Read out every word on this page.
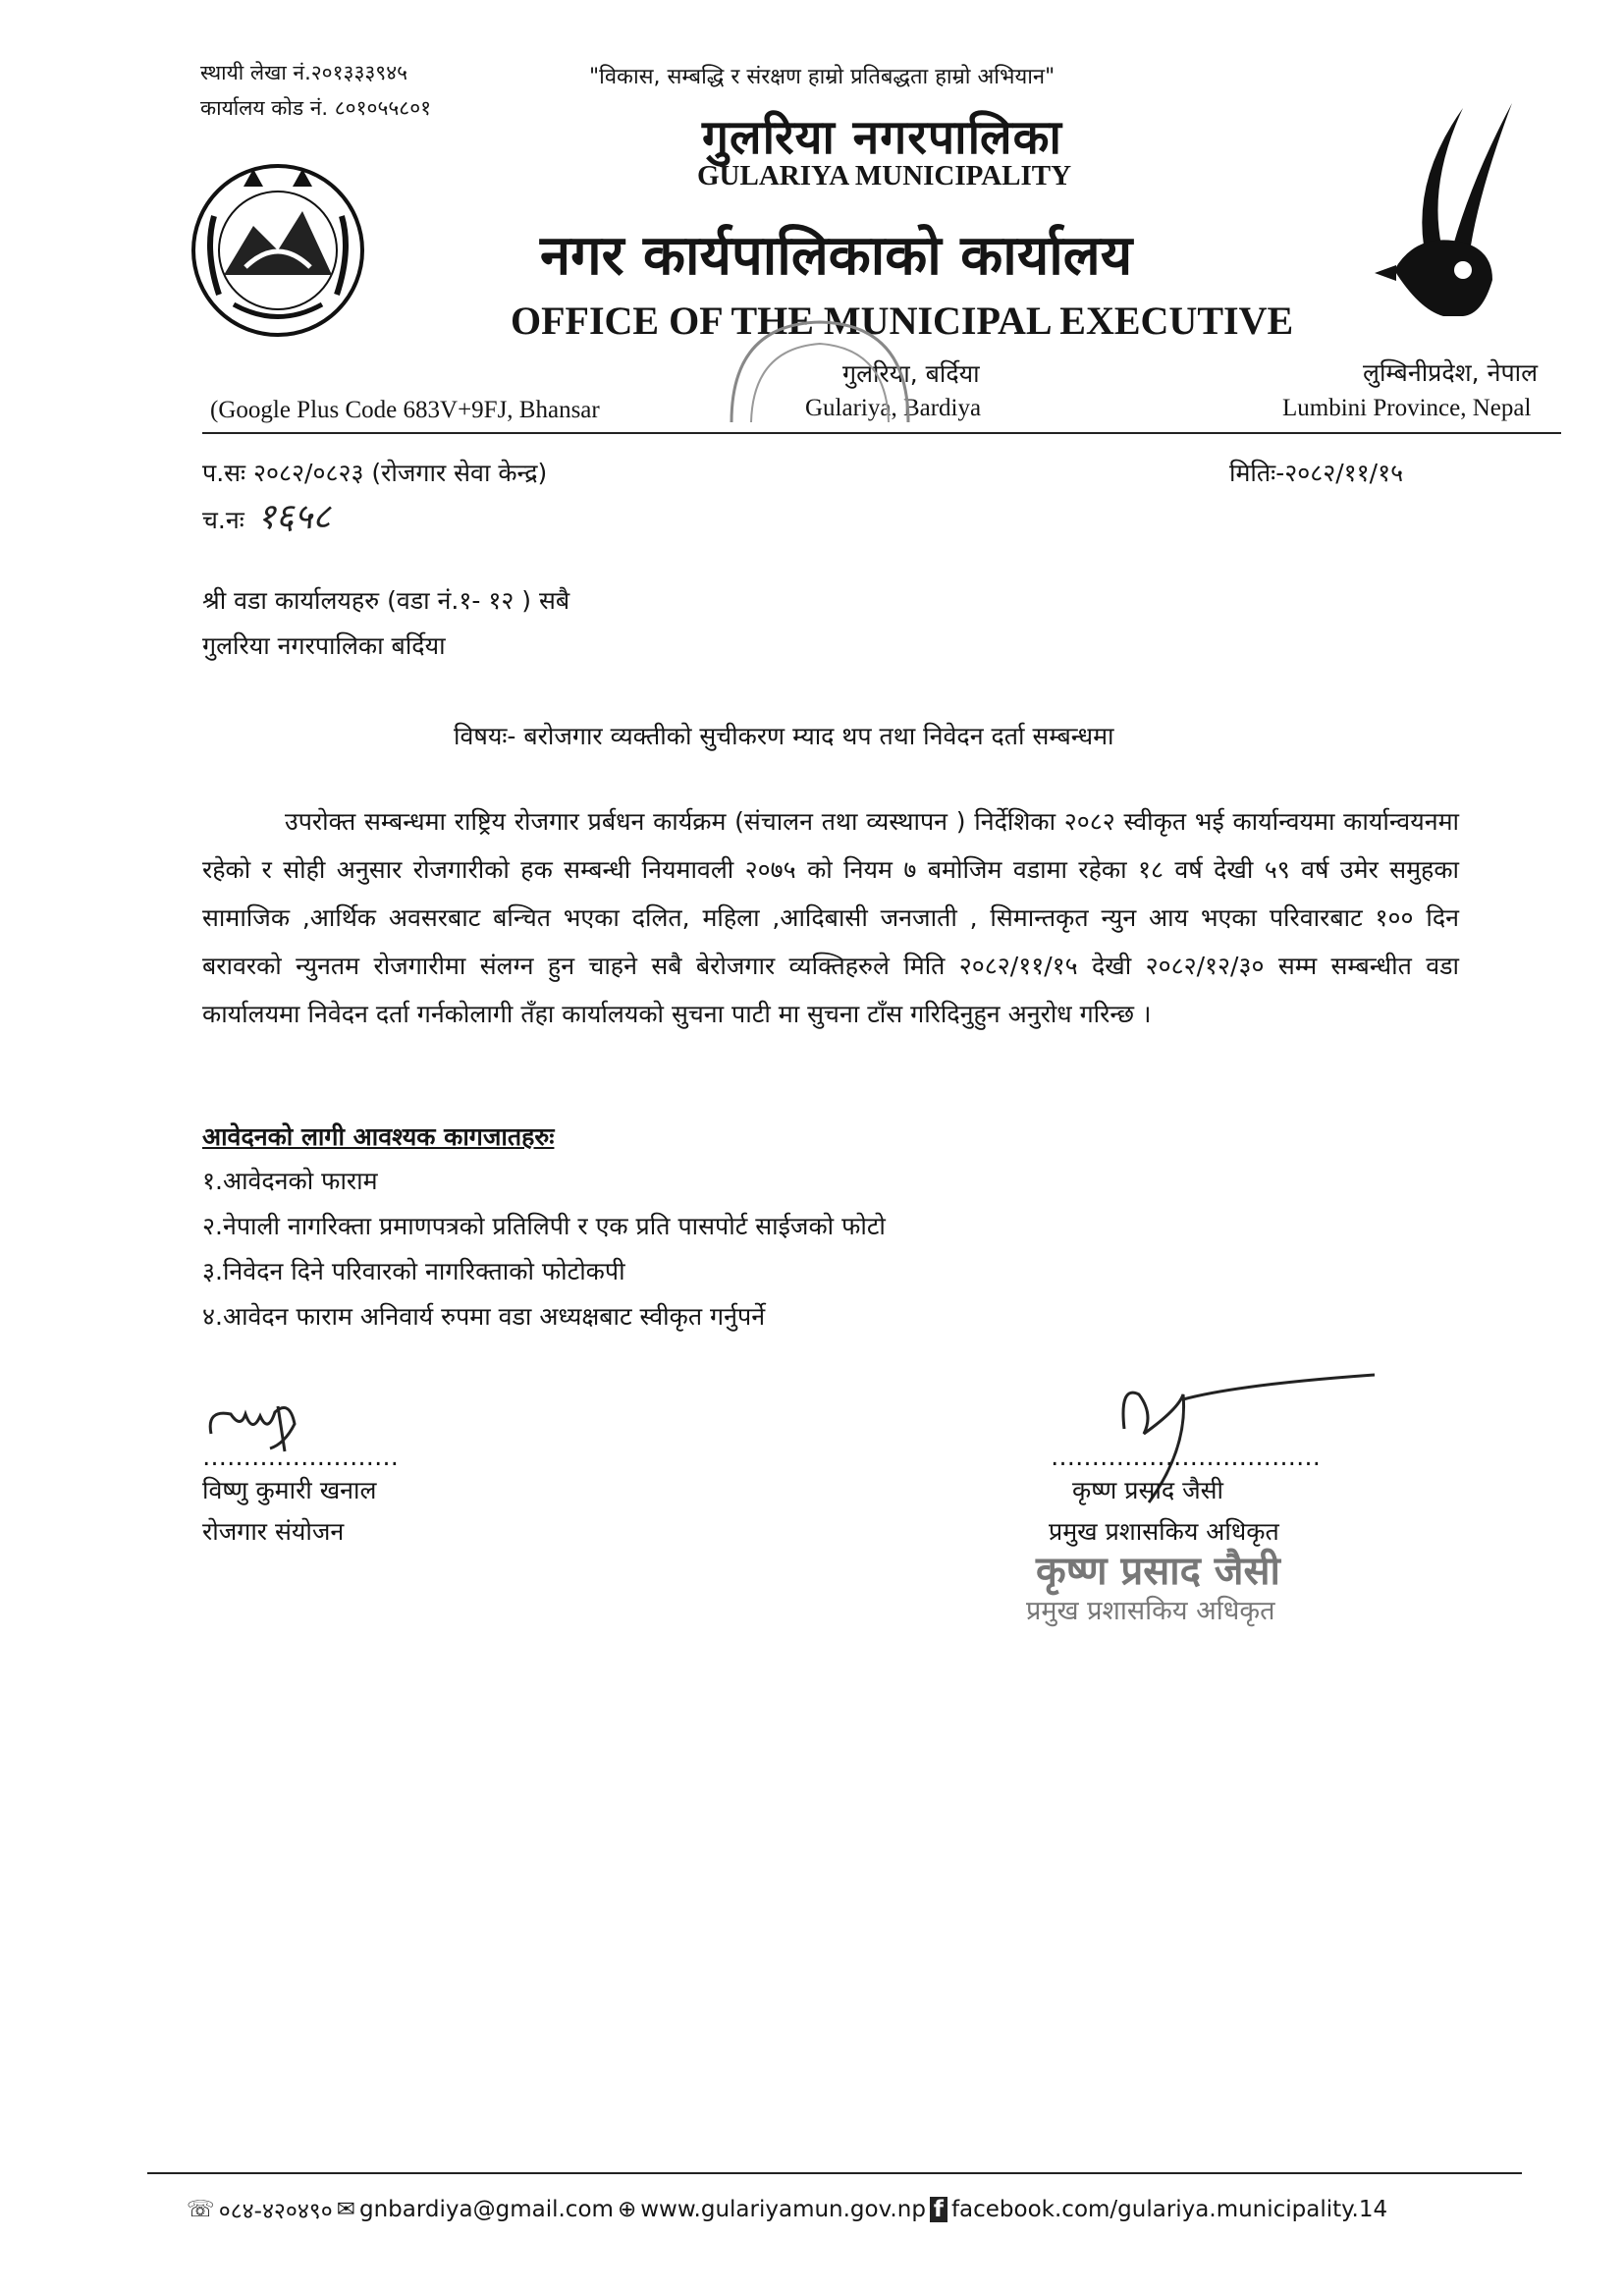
स्थायी लेखा नं.२०१३३३९४५
कार्यालय कोड नं. ८०१०५५८०१
"विकास, सम्बद्धि र संरक्षण हाम्रो प्रतिबद्धता हाम्रो अभियान"
गुलरिया नगरपालिका
GULARIYA MUNICIPALITY
नगर कार्यपालिकाको कार्यालय
OFFICE OF THE MUNICIPAL EXECUTIVE
गुलरिया, बर्दिया
Gulariya, Bardiya
(Google Plus Code 683V+9FJ, Bhansar
लुम्बिनीप्रदेश, नेपाल
Lumbini Province, Nepal
प.सः २०८२/०८२३ (रोजगार सेवा केन्द्र)	मितिः-२०८२/११/१५
च.नः १६५८
श्री वडा कार्यालयहरु (वडा नं.१- १२ ) सबै
गुलरिया नगरपालिका बर्दिया
विषयः- बरोजगार व्यक्तीको सुचीकरण म्याद थप तथा निवेदन दर्ता सम्बन्धमा
उपरोक्त सम्बन्धमा राष्ट्रिय रोजगार प्रर्बधन कार्यक्रम (संचालन तथा व्यस्थापन ) निर्देशिका २०८२ स्वीकृत भई कार्यान्वयमा कार्यान्वयनमा रहेको र सोही अनुसार रोजगारीको हक सम्बन्धी नियमावली २०७५ को नियम ७ बमोजिम वडामा रहेका १८ वर्ष देखी ५९ वर्ष उमेर समुहका सामाजिक ,आर्थिक अवसरबाट बन्चित भएका दलित, महिला ,आदिबासी जनजाती , सिमान्तकृत न्युन आय भएका परिवारबाट १०० दिन बरावरको न्युनतम रोजगारीमा संलग्न हुन चाहने सबै बेरोजगार व्यक्तिहरुले मिति २०८२/११/१५ देखी २०८२/१२/३० सम्म सम्बन्धीत वडा कार्यालयमा निवेदन दर्ता गर्नकोलागी तँहा कार्यालयको सुचना पाटी मा सुचना टाँस गरिदिनुहुन अनुरोध गरिन्छ ।
आवेदनको लागी आवश्यक कागजातहरुः
१.आवेदनको फाराम
२.नेपाली नागरिक्ता प्रमाणपत्रको प्रतिलिपी र एक प्रति पासपोर्ट साईजको फोटो
३.निवेदन दिने परिवारको नागरिक्ताको फोटोकपी
४.आवेदन फाराम अनिवार्य रुपमा वडा अध्यक्षबाट स्वीकृत गर्नुपर्ने
……………………
विष्णु कुमारी खनाल
रोजगार संयोजन
……………………………
कृष्ण प्रसाद जैसी
प्रमुख प्रशासकिय अधिकृत
कृष्ण प्रसाद जैसी
प्रमुख प्रशासकिय अधिकृत
☏ ०८४-४२०४९० ✉ gnbardiya@gmail.com ⊕ www.gulariyamun.gov.np f facebook.com/gulariya.municipality.14
